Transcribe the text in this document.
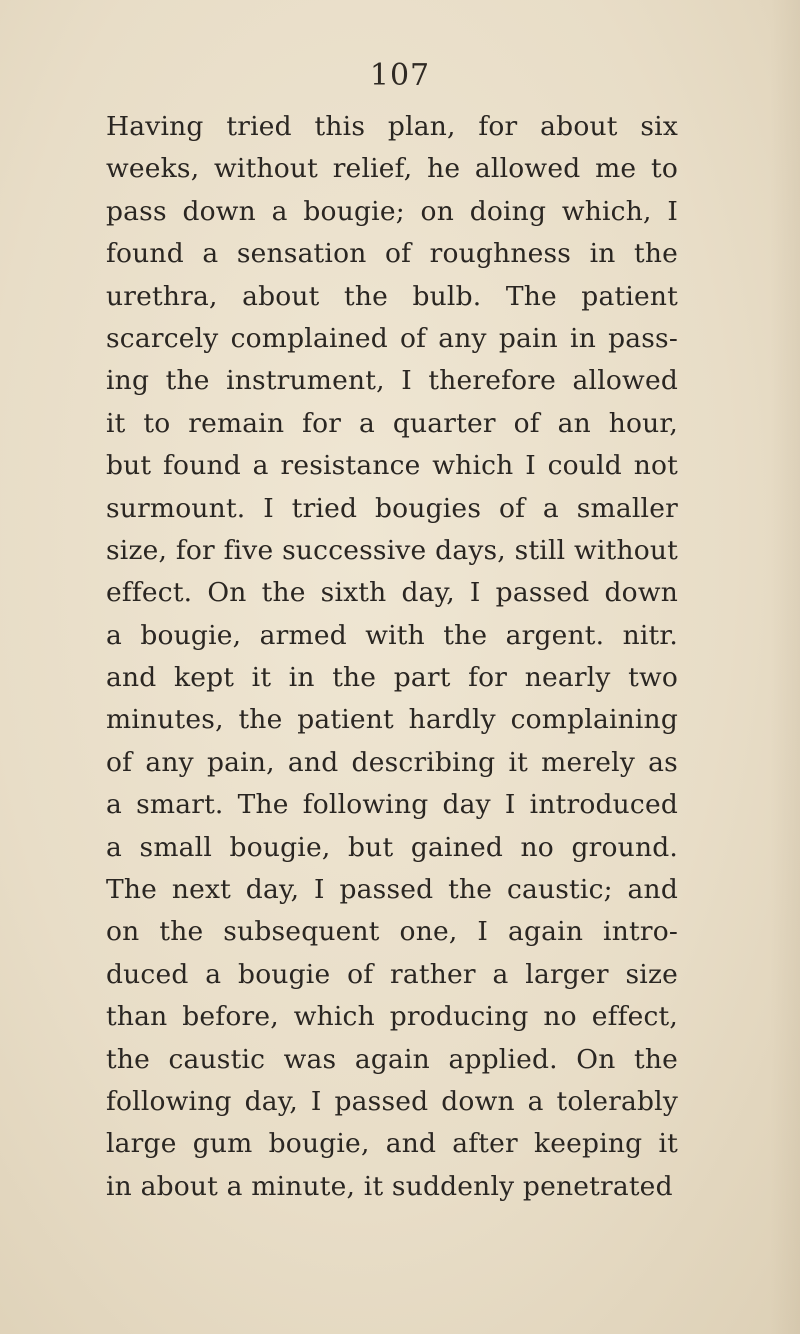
107
Having tried this plan, for about six
weeks, without relief, he allowed me to
pass down a bougie; on doing which, I
found a sensation of roughness in the
urethra, about the bulb. The patient
scarcely complained of any pain in pass-
ing the instrument, I therefore allowed
it to remain for a quarter of an hour,
but found a resistance which I could not
surmount. I tried bougies of a smaller
size, for five successive days, still without
effect. On the sixth day, I passed down
a bougie, armed with the argent. nitr.
and kept it in the part for nearly two
minutes, the patient hardly complaining
of any pain, and describing it merely as
a smart. The following day I introduced
a small bougie, but gained no ground.
The next day, I passed the caustic; and
on the subsequent one, I again intro-
duced a bougie of rather a larger size
than before, which producing no effect,
the caustic was again applied. On the
following day, I passed down a tolerably
large gum bougie, and after keeping it
in about a minute, it suddenly penetrated
